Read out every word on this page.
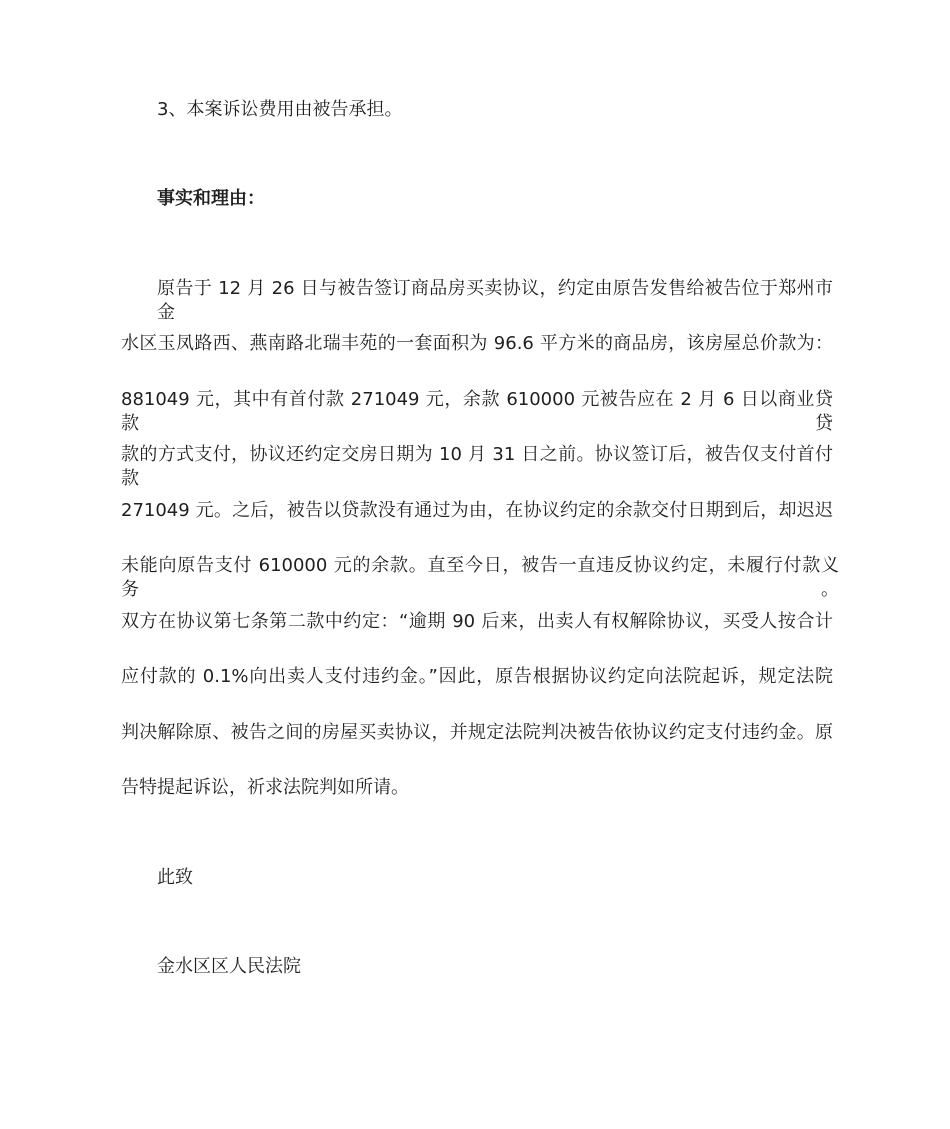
3、本案诉讼费用由被告承担。
事实和理由：
原告于 12 月 26 日与被告签订商品房买卖协议，约定由原告发售给被告位于郑州市金
水区玉凤路西、燕南路北瑞丰苑的一套面积为 96.6 平方米的商品房，该房屋总价款为：
881049 元，其中有首付款 271049 元，余款 610000 元被告应在 2 月 6 日以商业贷款贷
款的方式支付，协议还约定交房日期为 10 月 31 日之前。协议签订后，被告仅支付首付款
271049 元。之后，被告以贷款没有通过为由，在协议约定的余款交付日期到后，却迟迟
未能向原告支付 610000 元的余款。直至今日，被告一直违反协议约定，未履行付款义务。
双方在协议第七条第二款中约定：“逾期 90 后来，出卖人有权解除协议，买受人按合计
应付款的 0.1%向出卖人支付违约金。”因此，原告根据协议约定向法院起诉，规定法院
判决解除原、被告之间的房屋买卖协议，并规定法院判决被告依协议约定支付违约金。原
告特提起诉讼，祈求法院判如所请。
此致
金水区区人民法院
